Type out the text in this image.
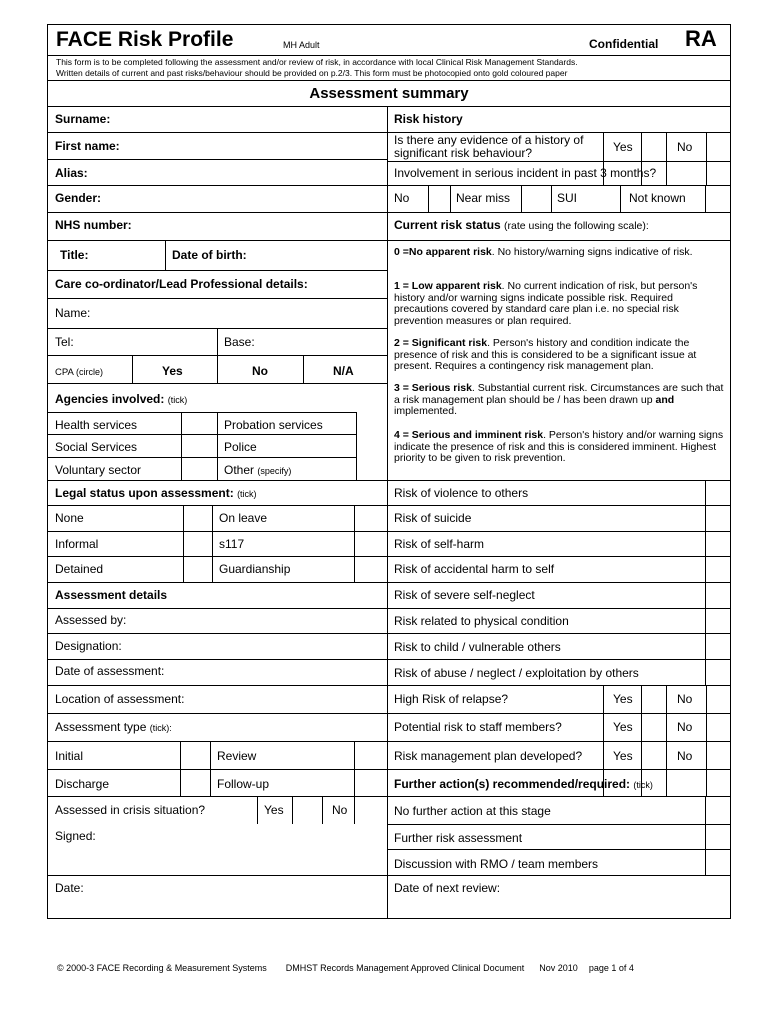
FACE Risk Profile	MH Adult	Confidential RA
This form is to be completed following the assessment and/or review of risk, in accordance with local Clinical Risk Management Standards.
Written details of current and past risks/behaviour should be provided on p.2/3. This form must be photocopied onto gold coloured paper
Assessment summary
Surname:
First name:
Alias:
Gender:
NHS number:
Title:	Date of birth:
Care co-ordinator/Lead Professional details:
Name:
Tel:	Base:
CPA (circle)	Yes	No	N/A
Agencies involved: (tick)
Health services	Probation services
Social Services	Police
Voluntary sector	Other (specify)
Legal status upon assessment: (tick)
None	On leave
Informal	s117
Detained	Guardianship
Assessment details
Assessed by:
Designation:
Date of assessment:
Location of assessment:
Assessment type (tick):
Initial	Review
Discharge	Follow-up
Assessed in crisis situation?	Yes	No
Signed:
Date:
Risk history
Is there any evidence of a history of
significant risk behaviour?	Yes	No
Involvement in serious incident in past 3 months?
No	Near miss	SUI	Not known
Current risk status (rate using the following scale):
0 =No apparent risk. No history/warning signs indicative of risk.
1 = Low apparent risk. No current indication of risk, but person's history and/or warning signs indicate possible risk. Required precautions covered by standard care plan i.e. no special risk prevention measures or plan required.
2 = Significant risk. Person's history and condition indicate the presence of risk and this is considered to be a significant issue at present. Requires a contingency risk management plan.
3 = Serious risk. Substantial current risk. Circumstances are such that a risk management plan should be / has been drawn up and implemented.
4 = Serious and imminent risk. Person's history and/or warning signs indicate the presence of risk and this is considered imminent. Highest priority to be given to risk prevention.
Risk of violence to others
Risk of suicide
Risk of self-harm
Risk of accidental harm to self
Risk of severe self-neglect
Risk related to physical condition
Risk to child / vulnerable others
Risk of abuse / neglect / exploitation by others
High Risk of relapse?	Yes	No
Potential risk to staff members?	Yes	No
Risk management plan developed?	Yes	No
Further action(s) recommended/required: (tick)
No further action at this stage
Further risk assessment
Discussion with RMO / team members
Date of next review:
© 2000-3 FACE Recording & Measurement Systems DMHST Records Management Approved Clinical Document Nov 2010 page 1 of 4
